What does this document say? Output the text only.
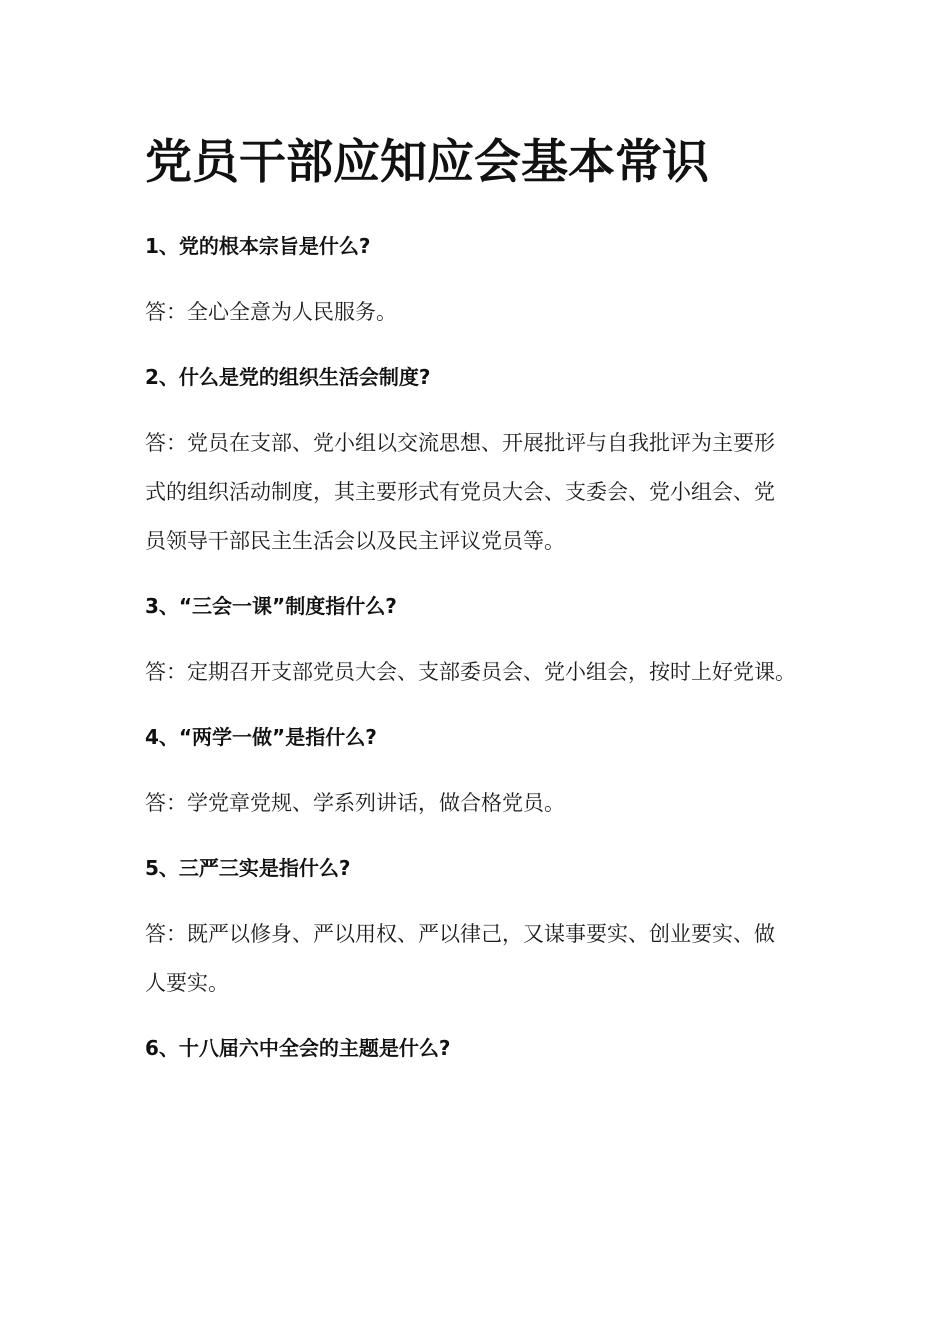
党员干部应知应会基本常识

1、党的根本宗旨是什么?

答：全心全意为人民服务。

2、什么是党的组织生活会制度?

答：党员在支部、党小组以交流思想、开展批评与自我批评为主要形

式的组织活动制度，其主要形式有党员大会、支委会、党小组会、党

员领导干部民主生活会以及民主评议党员等。

3、“三会一课”制度指什么?

答：定期召开支部党员大会、支部委员会、党小组会，按时上好党课。

4、“两学一做”是指什么?

答：学党章党规、学系列讲话，做合格党员。

5、三严三实是指什么?

答：既严以修身、严以用权、严以律己，又谋事要实、创业要实、做

人要实。

6、十八届六中全会的主题是什么?
